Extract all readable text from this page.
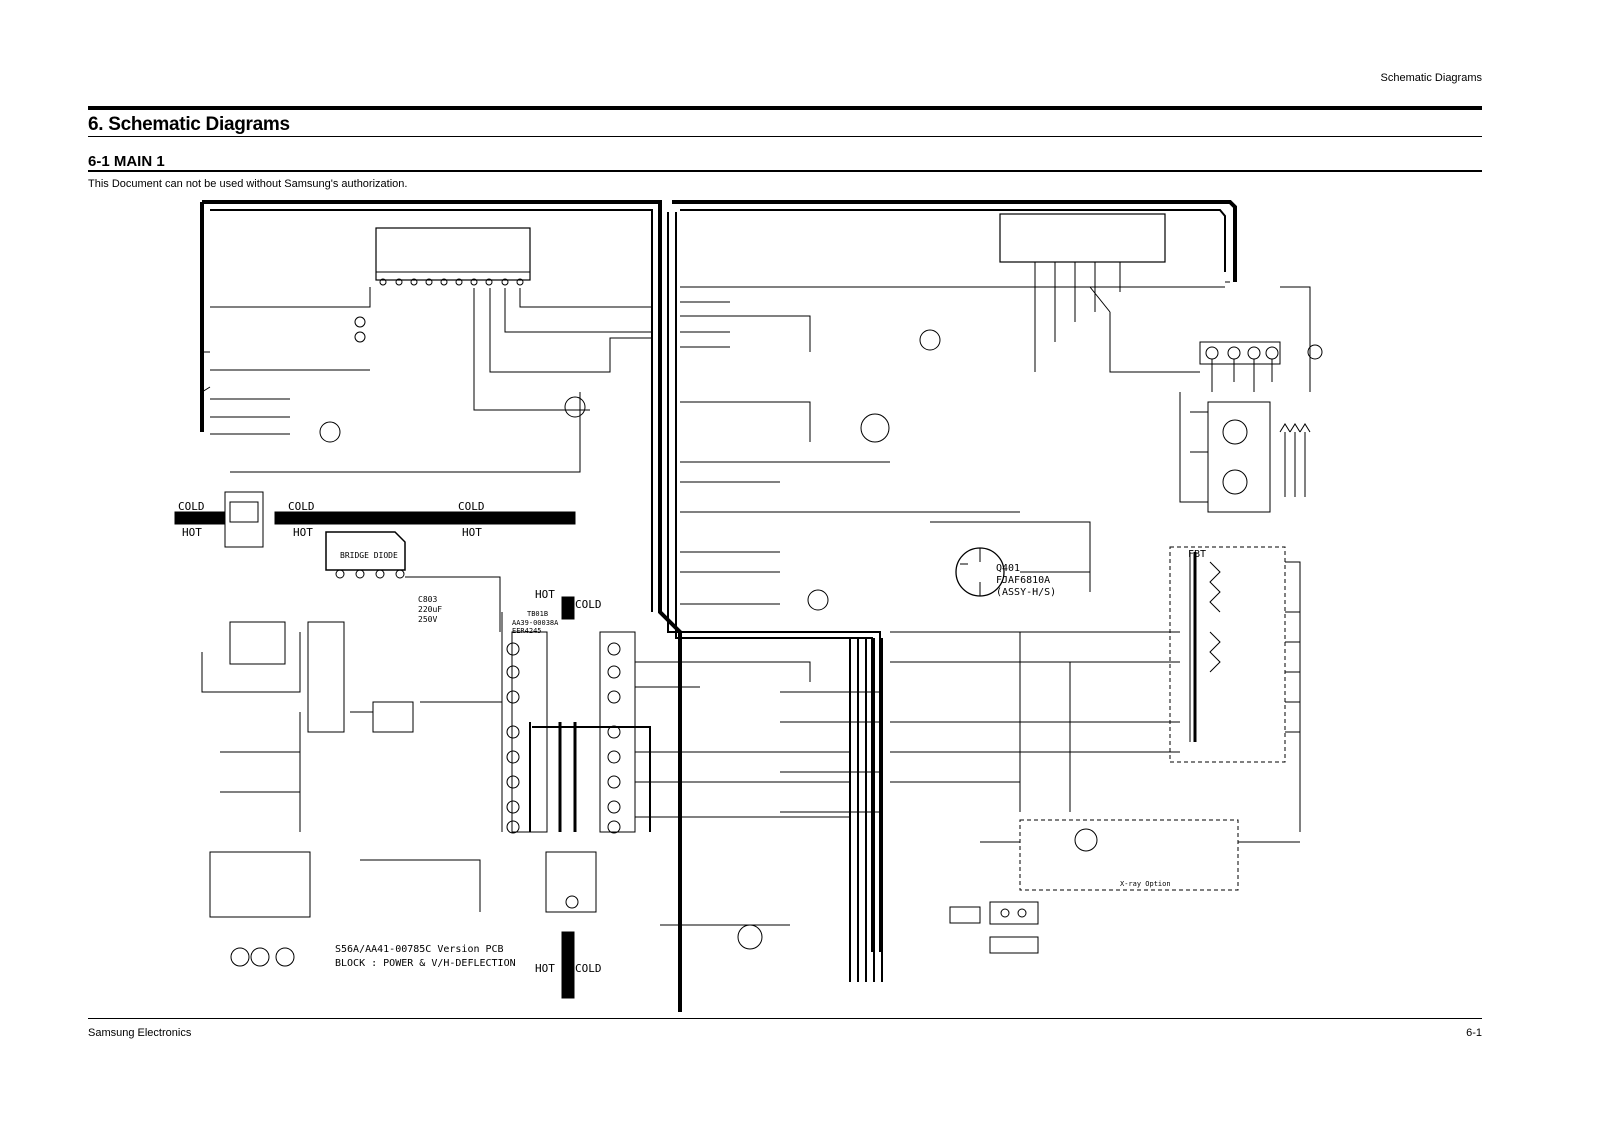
Schematic Diagrams
6. Schematic Diagrams
6-1 MAIN 1
This Document can not be used without Samsung's authorization.
COLD
HOT
COLD
HOT
COLD
HOT
COLD
HOT
HOT COLD
BRIDGE DIODE
Q401
FJAF6810A
(ASSY-H/S)
FBT
X-ray Option
TB01B
AA39-00038A
EER4245
C803
220uF
250V
S56A/AA41-00785C Version PCB
BLOCK : POWER & V/H-DEFLECTION
Samsung Electronics	6-1
